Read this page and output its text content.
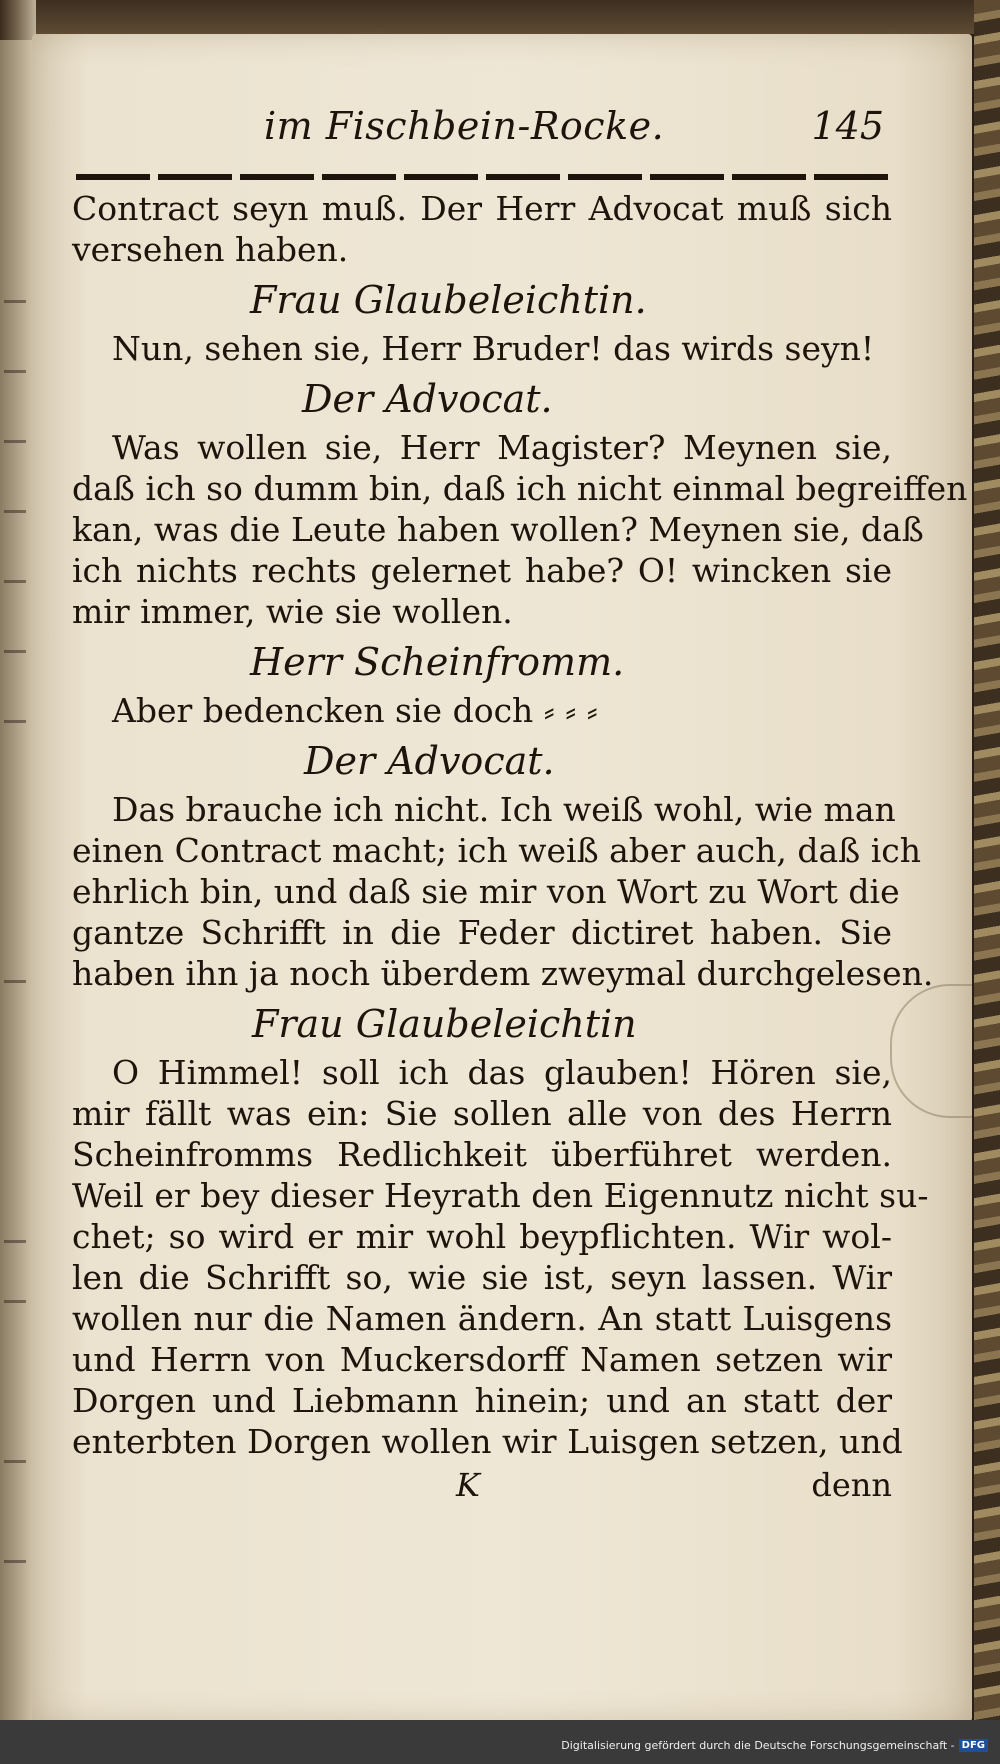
im Fischbein-Rocke.	145

Contract seyn muß. Der Herr Advocat muß sich

versehen haben.

Frau Glaubeleichtin.

Nun, sehen sie, Herr Bruder! das wirds seyn!

Der Advocat.

Was wollen sie, Herr Magister? Meynen sie,

daß ich so dumm bin, daß ich nicht einmal begreiffen

kan, was die Leute haben wollen? Meynen sie, daß

ich nichts rechts gelernet habe? O! wincken sie

mir immer, wie sie wollen.

Herr Scheinfromm.

Aber bedencken sie doch ⸗ ⸗ ⸗

Der Advocat.

Das brauche ich nicht. Ich weiß wohl, wie man

einen Contract macht; ich weiß aber auch, daß ich

ehrlich bin, und daß sie mir von Wort zu Wort die

gantze Schrifft in die Feder dictiret haben. Sie

haben ihn ja noch überdem zweymal durchgelesen.

Frau Glaubeleichtin

O Himmel! soll ich das glauben! Hören sie,

mir fällt was ein: Sie sollen alle von des Herrn

Scheinfromms Redlichkeit überführet werden.

Weil er bey dieser Heyrath den Eigennutz nicht su-

chet; so wird er mir wohl beypflichten. Wir wol-

len die Schrifft so, wie sie ist, seyn lassen. Wir

wollen nur die Namen ändern. An statt Luisgens

und Herrn von Muckersdorff Namen setzen wir

Dorgen und Liebmann hinein; und an statt der

enterbten Dorgen wollen wir Luisgen setzen, und

K	denn
Digitalisierung gefördert durch die Deutsche Forschungsgemeinschaft - DFG
